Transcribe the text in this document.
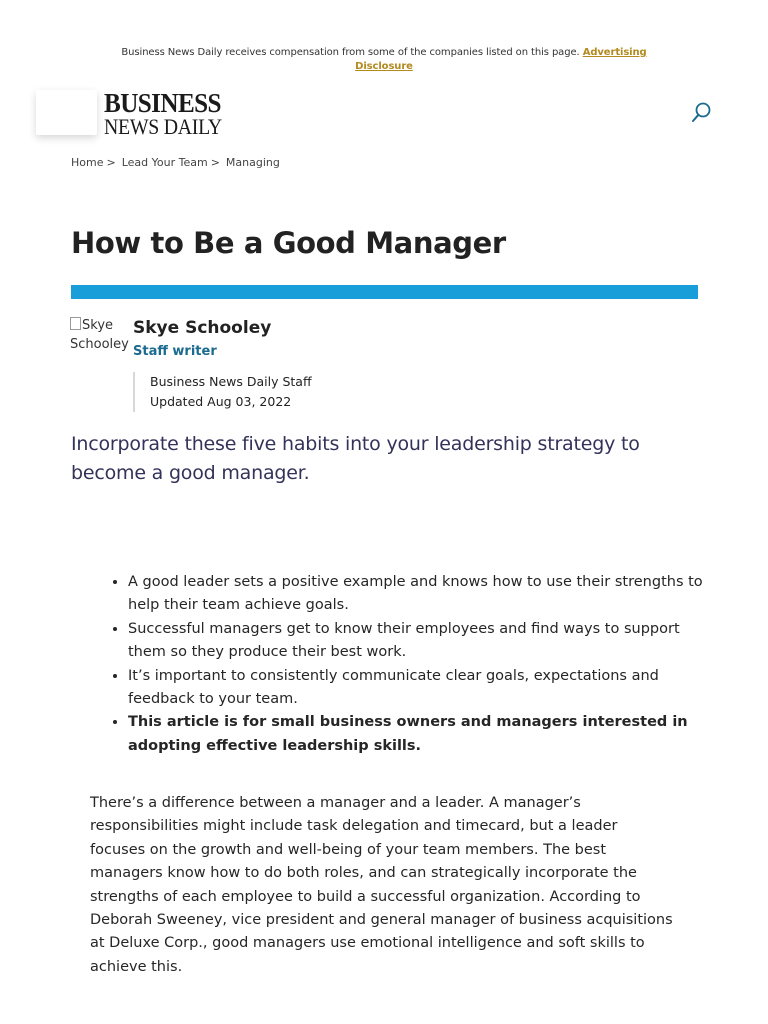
Business News Daily receives compensation from some of the companies listed on this page. Advertising Disclosure
BUSINESS
NEWS DAILY
Home > Lead Your Team > Managing
How to Be a Good Manager
Skye Schooley
Skye Schooley
Staff writer
Business News Daily Staff
Updated Aug 03, 2022

Incorporate these five habits into your leadership strategy to become a good manager.

• A good leader sets a positive example and knows how to use their strengths to help their team achieve goals.
• Successful managers get to know their employees and find ways to support them so they produce their best work.
• It’s important to consistently communicate clear goals, expectations and feedback to your team.
• This article is for small business owners and managers interested in adopting effective leadership skills.

There’s a difference between a manager and a leader. A manager’s responsibilities might include task delegation and timecard, but a leader focuses on the growth and well-being of your team members. The best managers know how to do both roles, and can strategically incorporate the strengths of each employee to build a successful organization. According to Deborah Sweeney, vice president and general manager of business acquisitions at Deluxe Corp., good managers use emotional intelligence and soft skills to achieve this.
